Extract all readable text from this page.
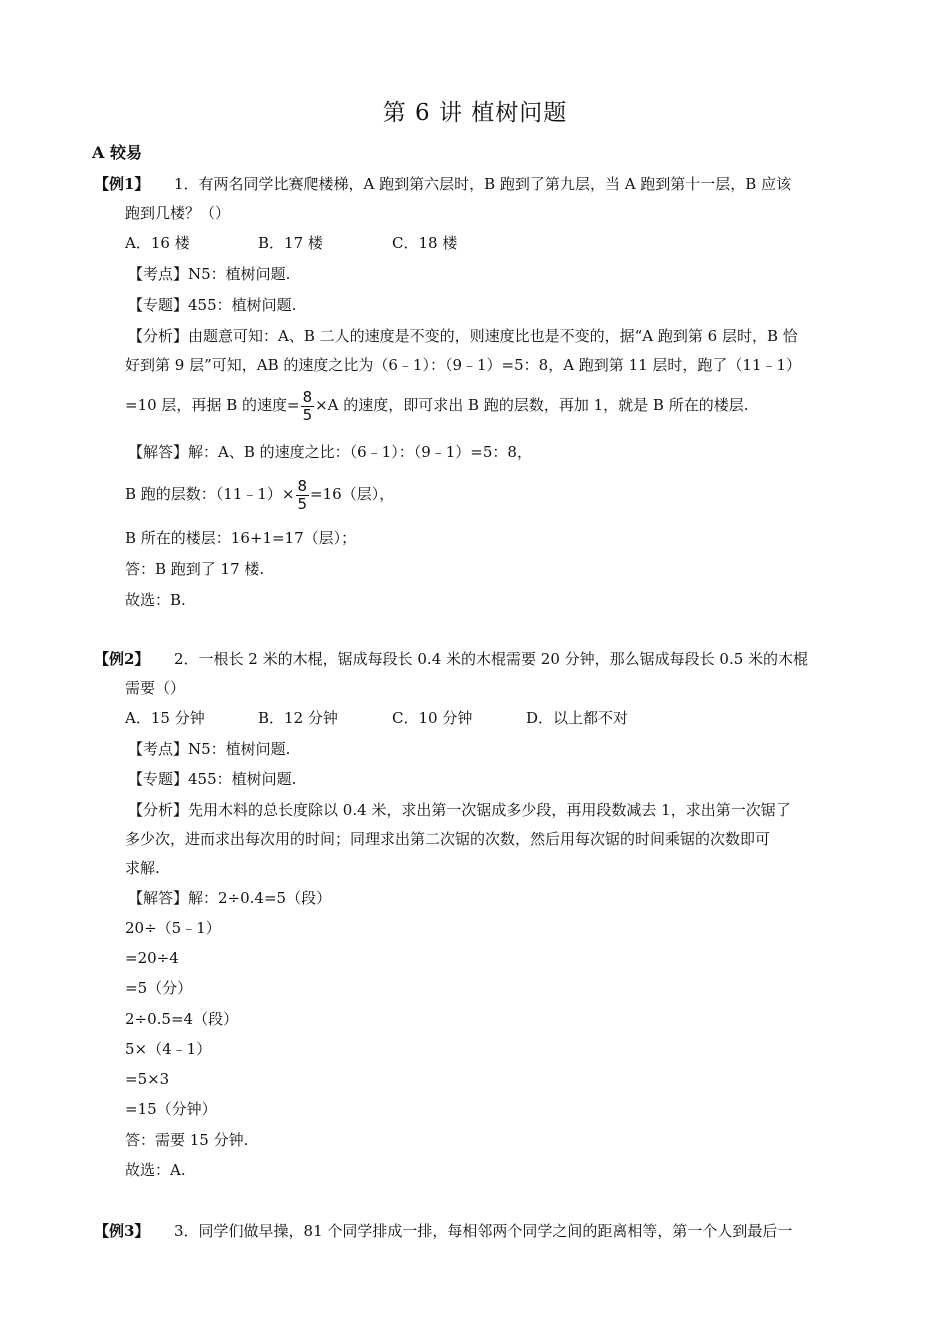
第 6 讲 植树问题
A 较易
【例1】 1．有两名同学比赛爬楼梯，A 跑到第六层时，B 跑到了第九层，当 A 跑到第十一层，B 应该
跑到几楼？（）
A．16 楼	B．17 楼	C．18 楼
【考点】N5：植树问题.
【专题】455：植树问题.
【分析】由题意可知：A、B 二人的速度是不变的，则速度比也是不变的，据“A 跑到第 6 层时，B 恰
好到第 9 层”可知，AB 的速度之比为（6﹣1）：（9﹣1）=5：8，A 跑到第 11 层时，跑了（11﹣1）
=10 层，再据 B 的速度= $\frac{8}{5} \times A$ 的速度，即可求出 B 跑的层数，再加 1，就是 B 所在的楼层.
【解答】解：A、B 的速度之比：（6﹣1）：（9﹣1）=5：8，
B 跑的层数：（11﹣1）× $\frac{8}{5} =16$（层），
B 所在的楼层：16+1=17（层）；
答：B 跑到了 17 楼.
故选：B.
【例2】 2．一根长 2 米的木棍，锯成每段长 0.4 米的木棍需要 20 分钟，那么锯成每段长 0.5 米的木棍
需要（）
A．15 分钟	B．12 分钟	C．10 分钟	D．以上都不对
【考点】N5：植树问题.
【专题】455：植树问题.
【分析】先用木料的总长度除以 0.4 米，求出第一次锯成多少段，再用段数减去 1，求出第一次锯了
多少次，进而求出每次用的时间；同理求出第二次锯的次数，然后用每次锯的时间乘锯的次数即可
求解.
【解答】解：2÷0.4=5（段）
20÷（5﹣1）
=20÷4
=5（分）
2÷0.5=4（段）
5×（4﹣1）
=5×3
=15（分钟）
答：需要 15 分钟.
故选：A.
【例3】 3．同学们做早操，81 个同学排成一排，每相邻两个同学之间的距离相等，第一个人到最后一
